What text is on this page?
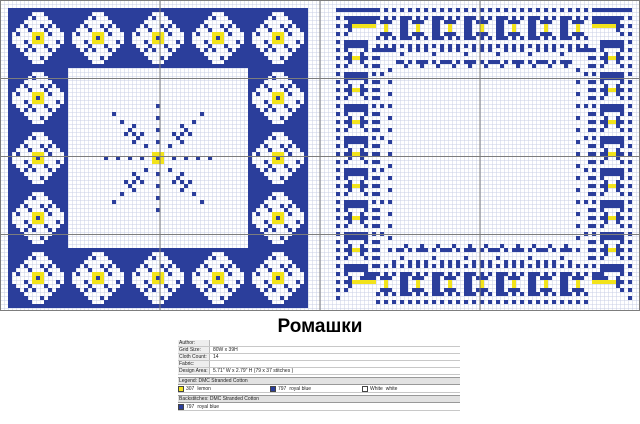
Ромашки
Author:
Grid Size:	80W x 39H
Cloth Count:	14
Fabric:
Design Area:	5.71" W x 2.79" H (79 x 37 stitches )
Legend: DMC Stranded Cotton
307 lemon	797 royal blue	White white
Backstitches: DMC Stranded Cotton
797 royal blue
